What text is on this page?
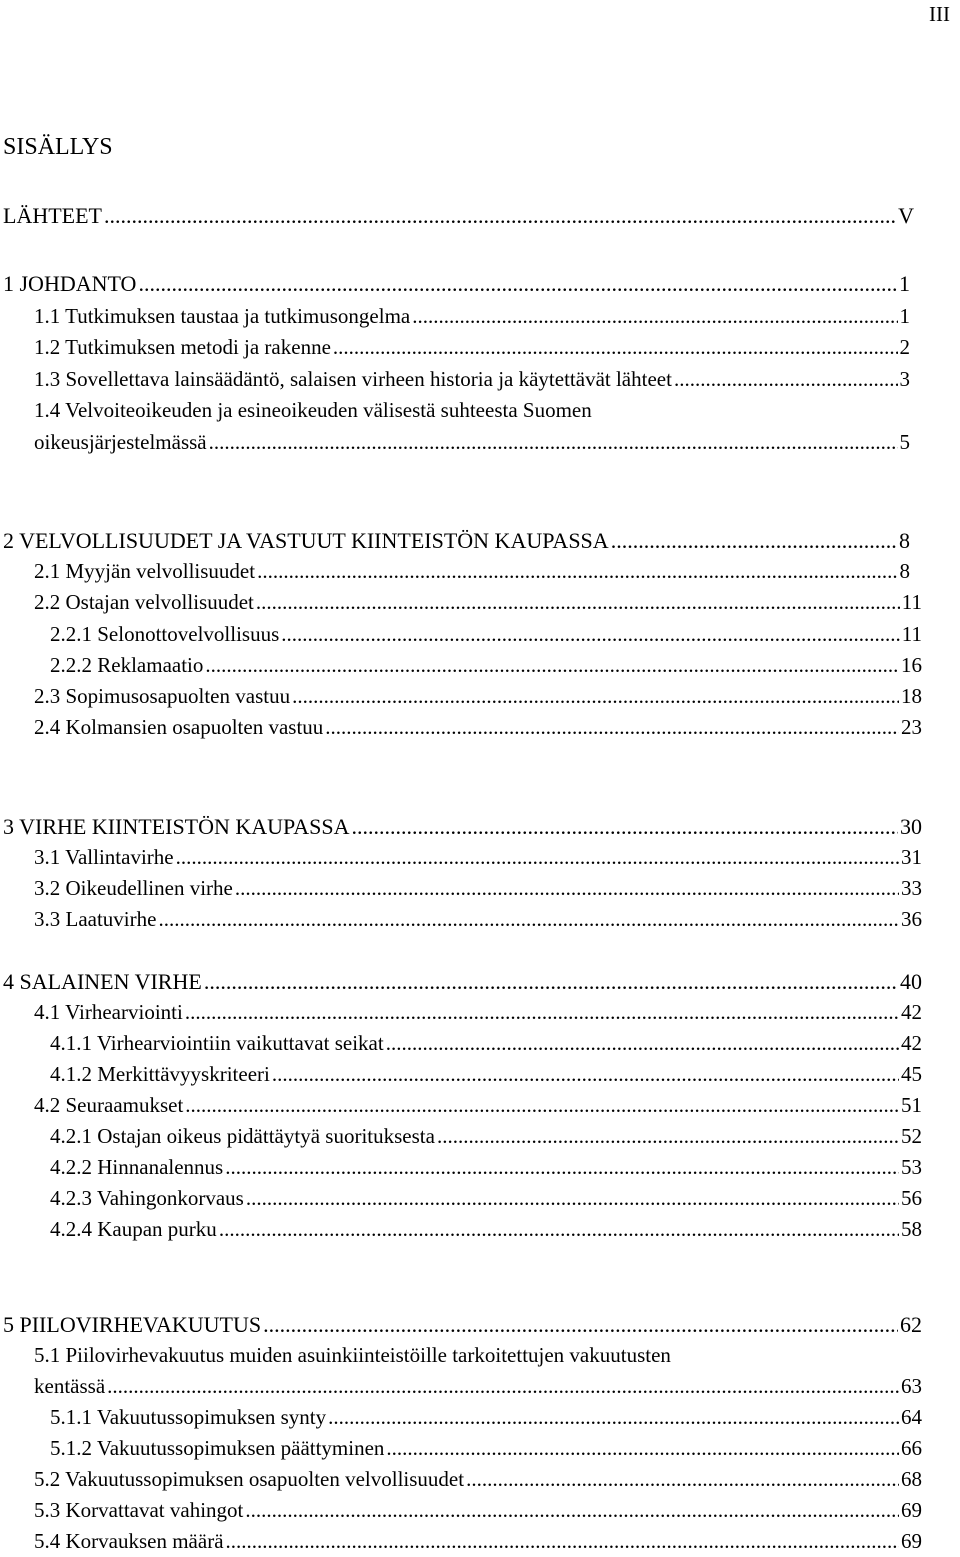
III
SISÄLLYS
LÄHTEET .....	V
1 JOHDANTO .....	1
1.1 Tutkimuksen taustaa ja tutkimusongelma .....	1
1.2 Tutkimuksen metodi ja rakenne .....	2
1.3 Sovellettava lainsäädäntö, salaisen virheen historia ja käytettävät lähteet .....	3
1.4 Velvoiteoikeuden ja esineoikeuden välisestä suhteesta Suomen
oikeusjärjestelmässä .....	5
2 VELVOLLISUUDET JA VASTUUT KIINTEISTÖN KAUPASSA .....	8
2.1 Myyjän velvollisuudet .....	8
2.2 Ostajan velvollisuudet .....	11
2.2.1 Selonottovelvollisuus .....	11
2.2.2 Reklamaatio .....	16
2.3 Sopimusosapuolten vastuu .....	18
2.4 Kolmansien osapuolten vastuu .....	23
3 VIRHE KIINTEISTÖN KAUPASSA .....	30
3.1 Vallintavirhe .....	31
3.2 Oikeudellinen virhe .....	33
3.3 Laatuvirhe .....	36
4 SALAINEN VIRHE .....	40
4.1 Virhearviointi .....	42
4.1.1 Virhearviointiin vaikuttavat seikat .....	42
4.1.2 Merkittävyyskriteeri .....	45
4.2 Seuraamukset .....	51
4.2.1 Ostajan oikeus pidättäytyä suorituksesta .....	52
4.2.2 Hinnanalennus .....	53
4.2.3 Vahingonkorvaus .....	56
4.2.4 Kaupan purku .....	58
5 PIILOVIRHEVAKUUTUS .....	62
5.1 Piilovirhevakuutus muiden asuinkiinteistöille tarkoitettujen vakuutusten
kentässä .....	63
5.1.1 Vakuutussopimuksen synty .....	64
5.1.2 Vakuutussopimuksen päättyminen .....	66
5.2 Vakuutussopimuksen osapuolten velvollisuudet .....	68
5.3 Korvattavat vahingot .....	69
5.4 Korvauksen määrä .....	69
